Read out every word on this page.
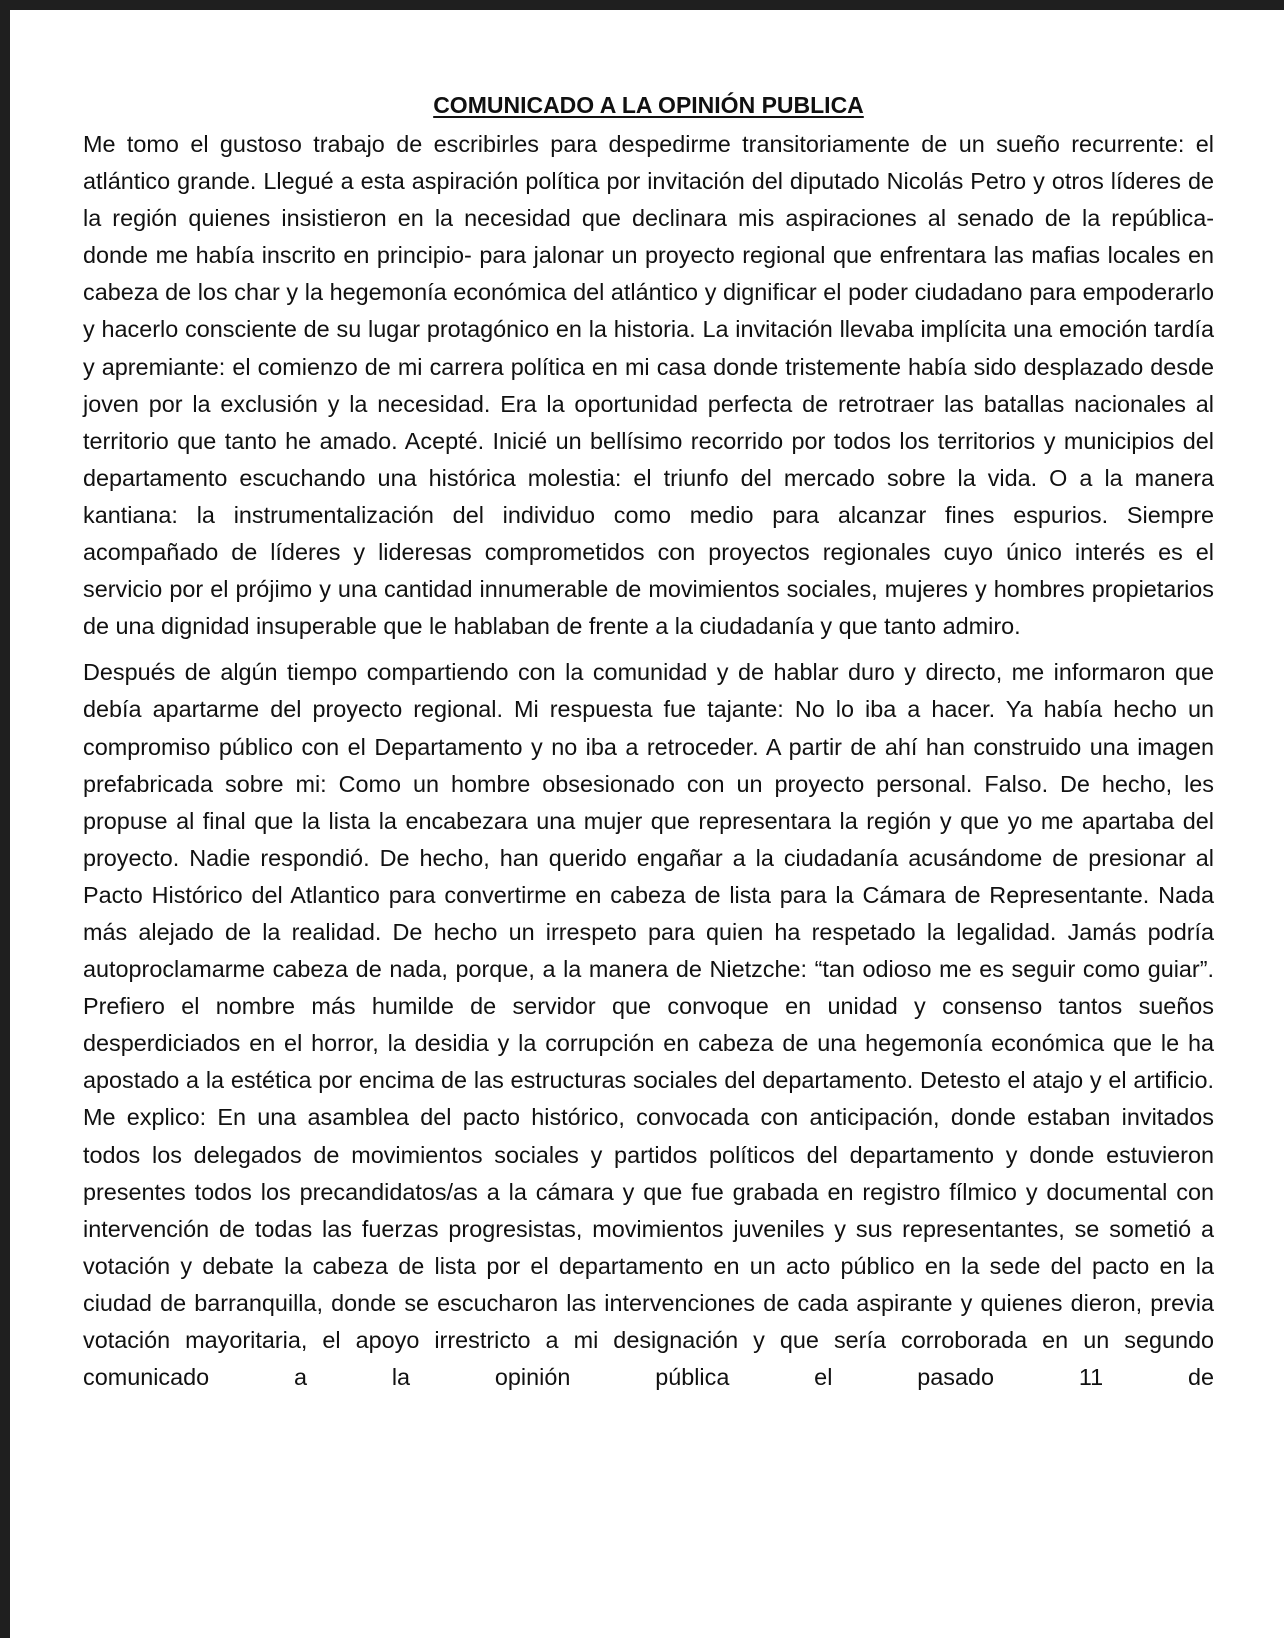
COMUNICADO A LA OPINIÓN PUBLICA

Me tomo el gustoso trabajo de escribirles para despedirme transitoriamente de un sueño recurrente: el atlántico grande. Llegué a esta aspiración política por invitación del diputado Nicolás Petro y otros líderes de la región quienes insistieron en la necesidad que declinara mis aspiraciones al senado de la república- donde me había inscrito en principio- para jalonar un proyecto regional que enfrentara las mafias locales en cabeza de los char y la hegemonía económica del atlántico y dignificar el poder ciudadano para empoderarlo y hacerlo consciente de su lugar protagónico en la historia. La invitación llevaba implícita una emoción tardía y apremiante: el comienzo de mi carrera política en mi casa donde tristemente había sido desplazado desde joven por la exclusión y la necesidad. Era la oportunidad perfecta de retrotraer las batallas nacionales al territorio que tanto he amado. Acepté. Inicié un bellísimo recorrido por todos los territorios y municipios del departamento escuchando una histórica molestia: el triunfo del mercado sobre la vida. O a la manera kantiana: la instrumentalización del individuo como medio para alcanzar fines espurios. Siempre acompañado de líderes y lideresas comprometidos con proyectos regionales cuyo único interés es el servicio por el prójimo y una cantidad innumerable de movimientos sociales, mujeres y hombres propietarios de una dignidad insuperable que le hablaban de frente a la ciudadanía y que tanto admiro.

Después de algún tiempo compartiendo con la comunidad y de hablar duro y directo, me informaron que debía apartarme del proyecto regional. Mi respuesta fue tajante: No lo iba a hacer. Ya había hecho un compromiso público con el Departamento y no iba a retroceder. A partir de ahí han construido una imagen prefabricada sobre mi: Como un hombre obsesionado con un proyecto personal. Falso. De hecho, les propuse al final que la lista la encabezara una mujer que representara la región y que yo me apartaba del proyecto. Nadie respondió. De hecho, han querido engañar a la ciudadanía acusándome de presionar al Pacto Histórico del Atlantico para convertirme en cabeza de lista para la Cámara de Representante. Nada más alejado de la realidad. De hecho un irrespeto para quien ha respetado la legalidad. Jamás podría autoproclamarme cabeza de nada, porque, a la manera de Nietzche: “tan odioso me es seguir como guiar”. Prefiero el nombre más humilde de servidor que convoque en unidad y consenso tantos sueños desperdiciados en el horror, la desidia y la corrupción en cabeza de una hegemonía económica que le ha apostado a la estética por encima de las estructuras sociales del departamento. Detesto el atajo y el artificio. Me explico: En una asamblea del pacto histórico, convocada con anticipación, donde estaban invitados todos los delegados de movimientos sociales y partidos políticos del departamento y donde estuvieron presentes todos los precandidatos/as a la cámara y que fue grabada en registro fílmico y documental con intervención de todas las fuerzas progresistas, movimientos juveniles y sus representantes, se sometió a votación y debate la cabeza de lista por el departamento en un acto público en la sede del pacto en la ciudad de barranquilla, donde se escucharon las intervenciones de cada aspirante y quienes dieron, previa votación mayoritaria, el apoyo irrestricto a mi designación y que sería corroborada en un segundo comunicado a la opinión pública el pasado 11 de
